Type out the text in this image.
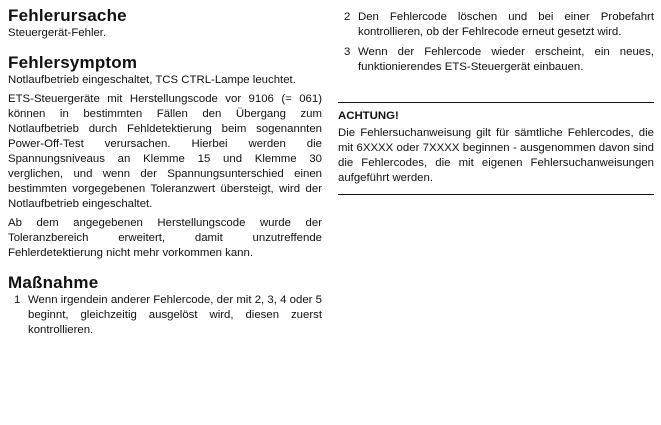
Fehlerursache

Steuergerät-Fehler.

Fehlersymptom

Notlaufbetrieb eingeschaltet, TCS CTRL-Lampe leuchtet.

ETS-Steuergeräte mit Herstellungscode vor 9106 (= 061) können in bestimmten Fällen den Übergang zum Notlaufbetrieb durch Fehldetektierung beim sogenannten Power-Off-Test verursachen. Hierbei werden die Spannungsniveaus an Klemme 15 und Klemme 30 verglichen, und wenn der Spannungsunterschied einen bestimmten vorgegebenen Toleranzwert übersteigt, wird der Notlaufbetrieb eingeschaltet.

Ab dem angegebenen Herstellungscode wurde der Toleranzbereich erweitert, damit unzutreffende Fehlerdetektierung nicht mehr vorkommen kann.

Maßnahme
1 Wenn irgendein anderer Fehlercode, der mit 2, 3, 4 oder 5 beginnt, gleichzeitig ausgelöst wird, diesen zuerst kontrollieren.
2 Den Fehlercode löschen und bei einer Probefahrt kontrollieren, ob der Fehlrecode erneut gesetzt wird.
3 Wenn der Fehlercode wieder erscheint, ein neues, funktionierendes ETS-Steuergerät einbauen.
ACHTUNG!

Die Fehlersuchanweisung gilt für sämtliche Fehlercodes, die mit 6XXXX oder 7XXXX beginnen - ausgenommen davon sind die Fehlercodes, die mit eigenen Fehlersuchanweisungen aufgeführt werden.
